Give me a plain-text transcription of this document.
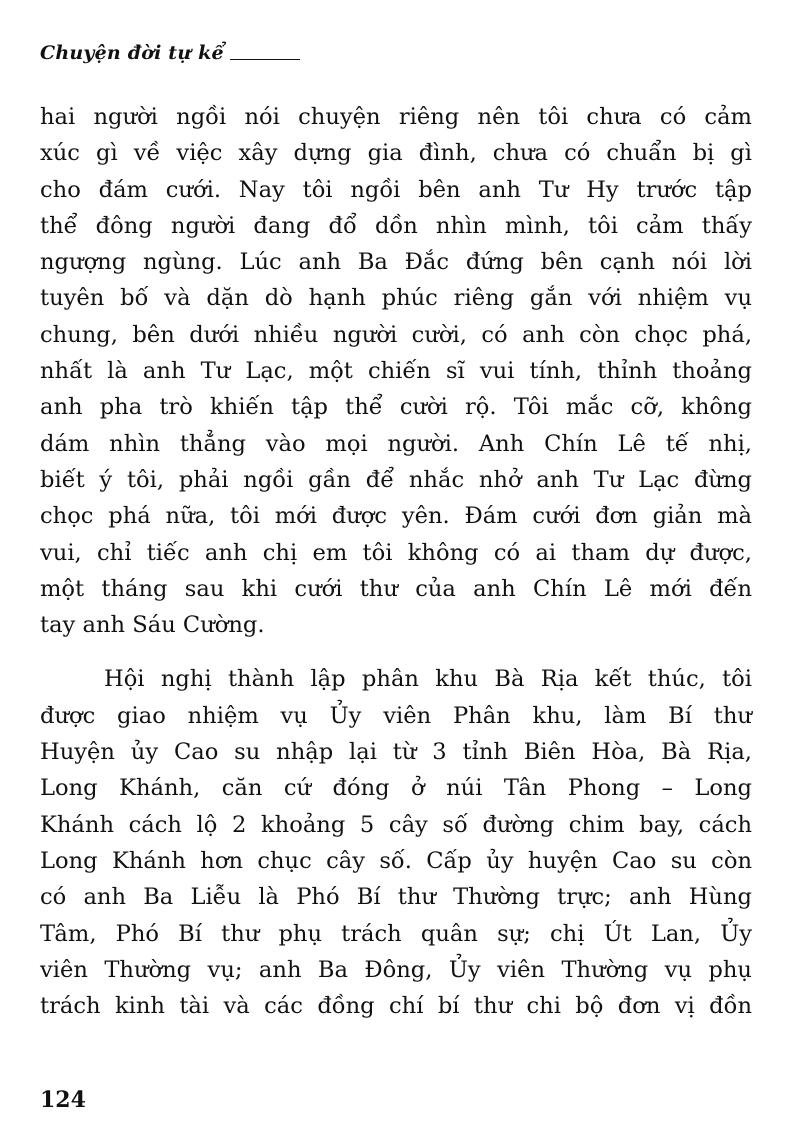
Chuyện đời tự kể
hai người ngồi nói chuyện riêng nên tôi chưa có cảm
xúc gì về việc xây dựng gia đình, chưa có chuẩn bị gì
cho đám cưới. Nay tôi ngồi bên anh Tư Hy trước tập
thể đông người đang đổ dồn nhìn mình, tôi cảm thấy
ngượng ngùng. Lúc anh Ba Đắc đứng bên cạnh nói lời
tuyên bố và dặn dò hạnh phúc riêng gắn với nhiệm vụ
chung, bên dưới nhiều người cười, có anh còn chọc phá,
nhất là anh Tư Lạc, một chiến sĩ vui tính, thỉnh thoảng
anh pha trò khiến tập thể cười rộ. Tôi mắc cỡ, không
dám nhìn thẳng vào mọi người. Anh Chín Lê tế nhị,
biết ý tôi, phải ngồi gần để nhắc nhở anh Tư Lạc đừng
chọc phá nữa, tôi mới được yên. Đám cưới đơn giản mà
vui, chỉ tiếc anh chị em tôi không có ai tham dự được,
một tháng sau khi cưới thư của anh Chín Lê mới đến
tay anh Sáu Cường.
Hội nghị thành lập phân khu Bà Rịa kết thúc, tôi
được giao nhiệm vụ Ủy viên Phân khu, làm Bí thư
Huyện ủy Cao su nhập lại từ 3 tỉnh Biên Hòa, Bà Rịa,
Long Khánh, căn cứ đóng ở núi Tân Phong – Long
Khánh cách lộ 2 khoảng 5 cây số đường chim bay, cách
Long Khánh hơn chục cây số. Cấp ủy huyện Cao su còn
có anh Ba Liễu là Phó Bí thư Thường trực; anh Hùng
Tâm, Phó Bí thư phụ trách quân sự; chị Út Lan, Ủy
viên Thường vụ; anh Ba Đông, Ủy viên Thường vụ phụ
trách kinh tài và các đồng chí bí thư chi bộ đơn vị đồn
124
